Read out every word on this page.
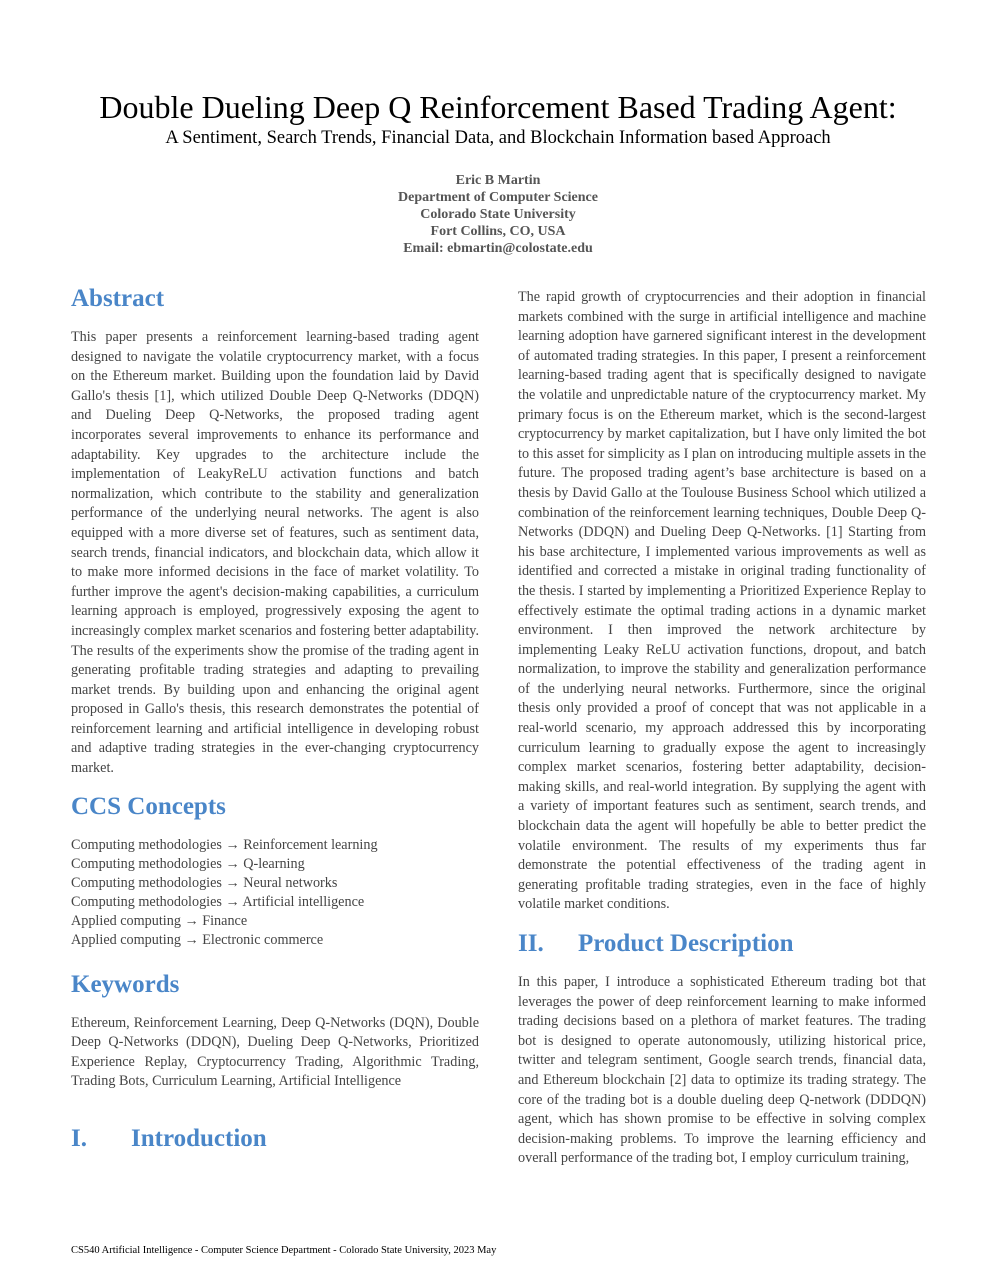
Double Dueling Deep Q Reinforcement Based Trading Agent:
A Sentiment, Search Trends, Financial Data, and Blockchain Information based Approach
Eric B Martin
Department of Computer Science
Colorado State University
Fort Collins, CO, USA
Email: ebmartin@colostate.edu
Abstract

This paper presents a reinforcement learning-based trading agent designed to navigate the volatile cryptocurrency market, with a focus on the Ethereum market. Building upon the foundation laid by David Gallo's thesis [1], which utilized Double Deep Q-Networks (DDQN) and Dueling Deep Q-Networks, the proposed trading agent incorporates several improvements to enhance its performance and adaptability. Key upgrades to the architecture include the implementation of LeakyReLU activation functions and batch normalization, which contribute to the stability and generalization performance of the underlying neural networks. The agent is also equipped with a more diverse set of features, such as sentiment data, search trends, financial indicators, and blockchain data, which allow it to make more informed decisions in the face of market volatility. To further improve the agent's decision-making capabilities, a curriculum learning approach is employed, progressively exposing the agent to increasingly complex market scenarios and fostering better adaptability. The results of the experiments show the promise of the trading agent in generating profitable trading strategies and adapting to prevailing market trends. By building upon and enhancing the original agent proposed in Gallo's thesis, this research demonstrates the potential of reinforcement learning and artificial intelligence in developing robust and adaptive trading strategies in the ever-changing cryptocurrency market.

CCS Concepts
Computing methodologies → Reinforcement learning
Computing methodologies → Q-learning
Computing methodologies → Neural networks
Computing methodologies → Artificial intelligence
Applied computing → Finance
Applied computing → Electronic commerce
Keywords

Ethereum, Reinforcement Learning, Deep Q-Networks (DQN), Double Deep Q-Networks (DDQN), Dueling Deep Q-Networks, Prioritized Experience Replay, Cryptocurrency Trading, Algorithmic Trading, Trading Bots, Curriculum Learning, Artificial Intelligence

I. Introduction

The rapid growth of cryptocurrencies and their adoption in financial markets combined with the surge in artificial intelligence and machine learning adoption have garnered significant interest in the development of automated trading strategies. In this paper, I present a reinforcement learning-based trading agent that is specifically designed to navigate the volatile and unpredictable nature of the cryptocurrency market. My primary focus is on the Ethereum market, which is the second-largest cryptocurrency by market capitalization, but I have only limited the bot to this asset for simplicity as I plan on introducing multiple assets in the future. The proposed trading agent’s base architecture is based on a thesis by David Gallo at the Toulouse Business School which utilized a combination of the reinforcement learning techniques, Double Deep Q-Networks (DDQN) and Dueling Deep Q-Networks. [1] Starting from his base architecture, I implemented various improvements as well as identified and corrected a mistake in original trading functionality of the thesis. I started by implementing a Prioritized Experience Replay to effectively estimate the optimal trading actions in a dynamic market environment. I then improved the network architecture by implementing Leaky ReLU activation functions, dropout, and batch normalization, to improve the stability and generalization performance of the underlying neural networks. Furthermore, since the original thesis only provided a proof of concept that was not applicable in a real-world scenario, my approach addressed this by incorporating curriculum learning to gradually expose the agent to increasingly complex market scenarios, fostering better adaptability, decision-making skills, and real-world integration. By supplying the agent with a variety of important features such as sentiment, search trends, and blockchain data the agent will hopefully be able to better predict the volatile environment. The results of my experiments thus far demonstrate the potential effectiveness of the trading agent in generating profitable trading strategies, even in the face of highly volatile market conditions.

II. Product Description

In this paper, I introduce a sophisticated Ethereum trading bot that leverages the power of deep reinforcement learning to make informed trading decisions based on a plethora of market features. The trading bot is designed to operate autonomously, utilizing historical price, twitter and telegram sentiment, Google search trends, financial data, and Ethereum blockchain [2] data to optimize its trading strategy. The core of the trading bot is a double dueling deep Q-network (DDDQN) agent, which has shown promise to be effective in solving complex decision-making problems. To improve the learning efficiency and overall performance of the trading bot, I employ curriculum training,

CS540 Artificial Intelligence - Computer Science Department - Colorado State University, 2023 May
